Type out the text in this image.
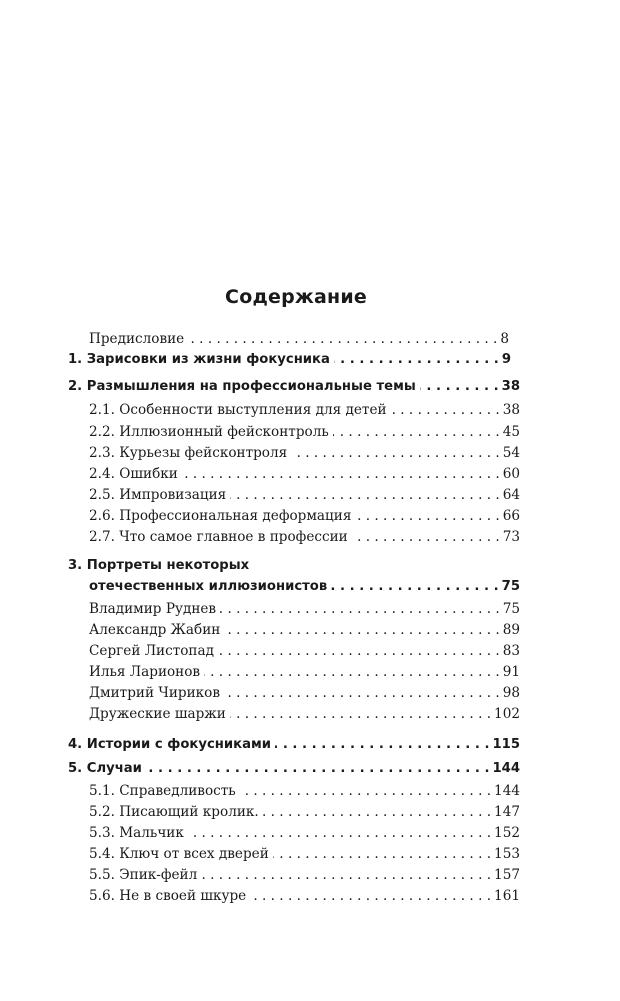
Содержание
Предисловие . . .	8
1. Зарисовки из жизни фокусника . . .	9
2. Размышления на профессиональные темы . . .	38
2.1. Особенности выступления для детей . . .	38
2.2. Иллюзионный фейсконтроль . . .	45
2.3. Курьезы фейсконтроля . . .	54
2.4. Ошибки . . .	60
2.5. Импровизация . . .	64
2.6. Профессиональная деформация . . .	66
2.7. Что самое главное в профессии . . .	73
3. Портреты некоторых
отечественных иллюзионистов . . .	75
Владимир Руднев . . .	75
Александр Жабин . . .	89
Сергей Листопад . . .	83
Илья Ларионов . . .	91
Дмитрий Чириков . . .	98
Дружеские шаржи . . .	102
4. Истории с фокусниками . . .	115
5. Случаи . . .	144
5.1. Справедливость . . .	144
5.2. Писающий кролик. . . .	147
5.3. Мальчик . . .	152
5.4. Ключ от всех дверей . . .	153
5.5. Эпик-фейл . . .	157
5.6. Не в своей шкуре . . .	161
